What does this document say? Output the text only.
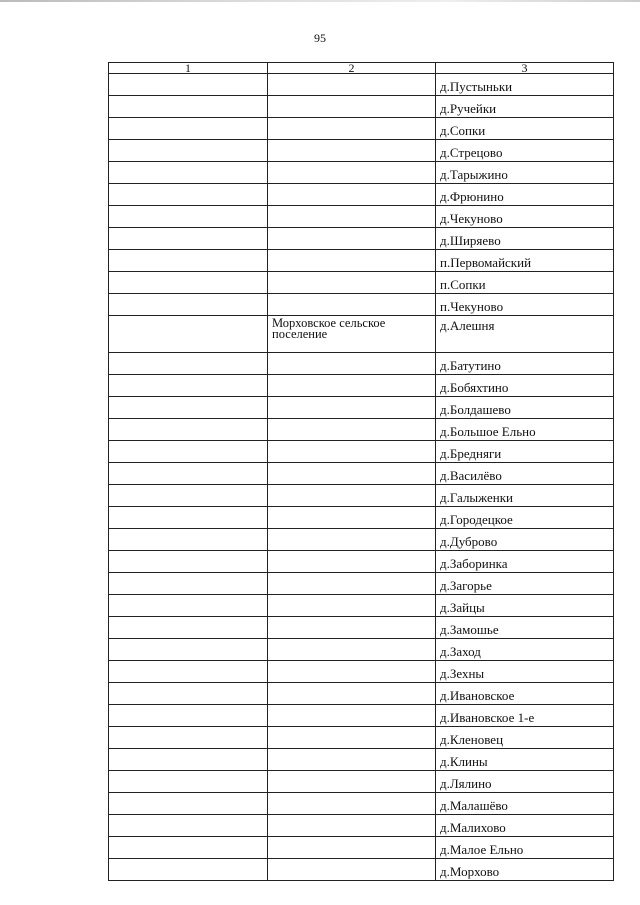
95
1	2	3
		д.Пустыньки
		д.Ручейки
		д.Сопки
		д.Стрецово
		д.Тарыжино
		д.Фрюнино
		д.Чекуново
		д.Ширяево
		п.Первомайский
		п.Сопки
		п.Чекуново
	Морховское сельское поселение	д.Алешня
		д.Батутино
		д.Бобяхтино
		д.Болдашево
		д.Большое Ельно
		д.Бредняги
		д.Василёво
		д.Галыженки
		д.Городецкое
		д.Дуброво
		д.Заборинка
		д.Загорье
		д.Зайцы
		д.Замошье
		д.Заход
		д.Зехны
		д.Ивановское
		д.Ивановское 1-е
		д.Кленовец
		д.Клины
		д.Лялино
		д.Малашёво
		д.Малихово
		д.Малое Ельно
		д.Морхово
